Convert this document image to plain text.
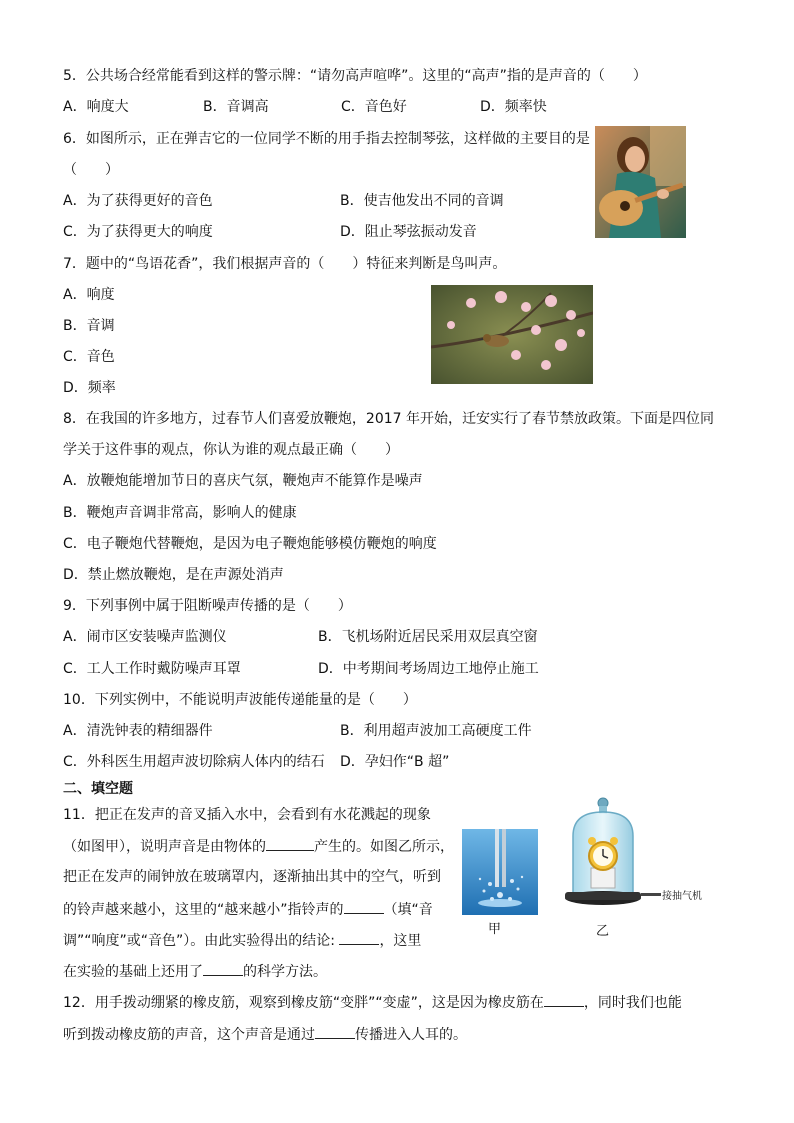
5．公共场合经常能看到这样的警示牌：“请勿高声喧哗”。这里的“高声”指的是声音的（　　）
A．响度大	B．音调高	C．音色好	D．频率快
6．如图所示，正在弹吉它的一位同学不断的用手指去控制琴弦，这样做的主要目的是
（　　）
A．为了获得更好的音色	B．使吉他发出不同的音调
C．为了获得更大的响度	D．阻止琴弦振动发音
7．题中的“鸟语花香”，我们根据声音的（　　）特征来判断是鸟叫声。
A．响度
B．音调
C．音色
D．频率
8．在我国的许多地方，过春节人们喜爱放鞭炮，2017 年开始，迁安实行了春节禁放政策。下面是四位同
学关于这件事的观点，你认为谁的观点最正确（　　）
A．放鞭炮能增加节日的喜庆气氛，鞭炮声不能算作是噪声
B．鞭炮声音调非常高，影响人的健康
C．电子鞭炮代替鞭炮，是因为电子鞭炮能够模仿鞭炮的响度
D．禁止燃放鞭炮，是在声源处消声
9．下列事例中属于阻断噪声传播的是（　　）
A．闹市区安装噪声监测仪	B．飞机场附近居民采用双层真空窗
C．工人工作时戴防噪声耳罩	D．中考期间考场周边工地停止施工
10．下列实例中，不能说明声波能传递能量的是（　　）
A．清洗钟表的精细器件	B．利用超声波加工高硬度工件
C．外科医生用超声波切除病人体内的结石 D．孕妇作“B 超”
二、填空题
11．把正在发声的音叉插入水中，会看到有水花溅起的现象
（如图甲），说明声音是由物体的	产生的。如图乙所示，
把正在发声的闹钟放在玻璃罩内，逐渐抽出其中的空气，听到
的铃声越来越小，这里的“越来越小”指铃声的	（填“音
调”“响度”或“音色”）。由此实验得出的结论:	，这里
在实验的基础上还用了	的科学方法。
甲	乙
接抽气机
12．用手拨动绷紧的橡皮筋，观察到橡皮筋“变胖”“变虚”，这是因为橡皮筋在	，同时我们也能
听到拨动橡皮筋的声音，这个声音是通过	传播进入人耳的。
